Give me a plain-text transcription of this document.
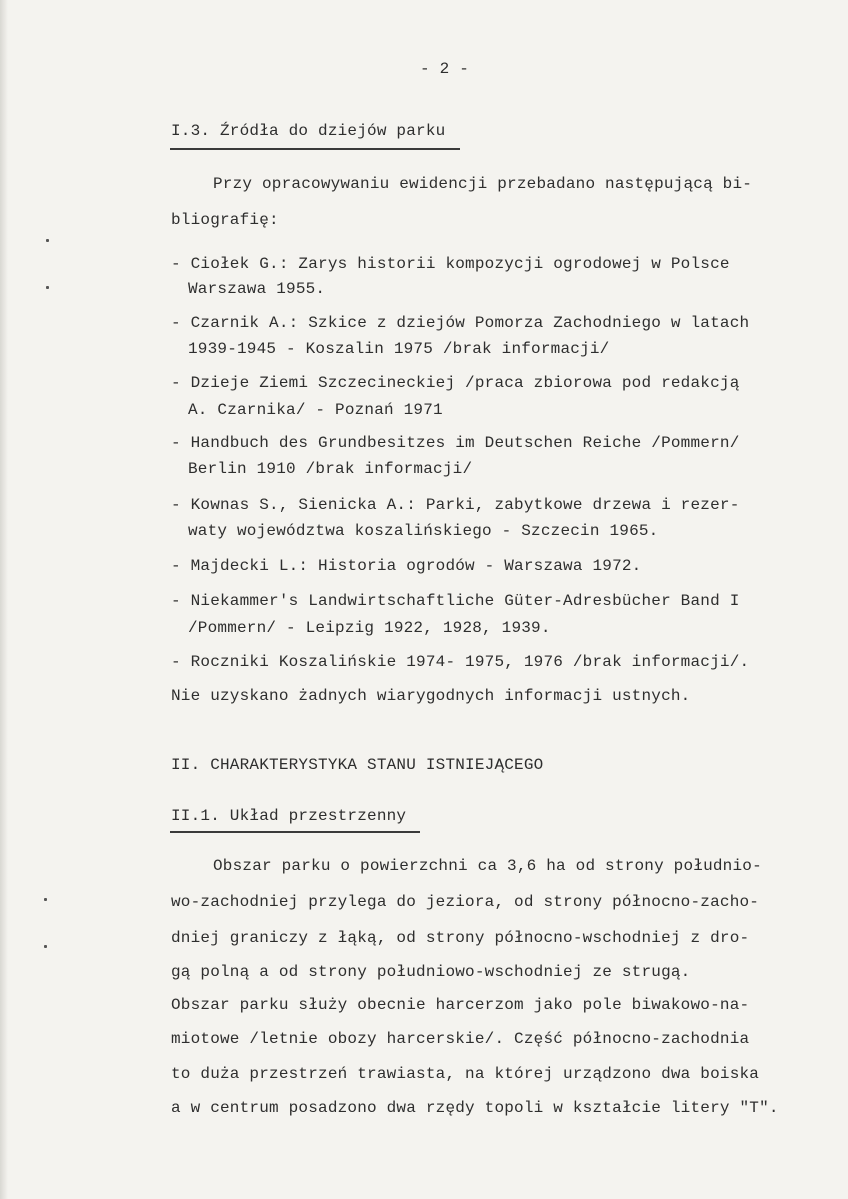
- 2 -
I.3. Źródła do dziejów parku
Przy opracowywaniu ewidencji przebadano następującą bi-
bliografię:
- Ciołek G.: Zarys historii kompozycji ogrodowej w Polsce
Warszawa 1955.
- Czarnik A.: Szkice z dziejów Pomorza Zachodniego w latach
1939-1945 - Koszalin 1975 /brak informacji/
- Dzieje Ziemi Szczecineckiej /praca zbiorowa pod redakcją
A. Czarnika/ - Poznań 1971
- Handbuch des Grundbesitzes im Deutschen Reiche /Pommern/
Berlin 1910 /brak informacji/
- Kownas S., Sienicka A.: Parki, zabytkowe drzewa i rezer-
waty województwa koszalińskiego - Szczecin 1965.
- Majdecki L.: Historia ogrodów - Warszawa 1972.
- Niekammer's Landwirtschaftliche Güter-Adresbücher Band I
/Pommern/ - Leipzig 1922, 1928, 1939.
- Roczniki Koszalińskie 1974- 1975, 1976 /brak informacji/.
Nie uzyskano żadnych wiarygodnych informacji ustnych.
II. CHARAKTERYSTYKA STANU ISTNIEJĄCEGO
II.1. Układ przestrzenny
Obszar parku o powierzchni ca 3,6 ha od strony południo-
wo-zachodniej przylega do jeziora, od strony północno-zacho-
dniej graniczy z łąką, od strony północno-wschodniej z dro-
gą polną a od strony południowo-wschodniej ze strugą.
Obszar parku służy obecnie harcerzom jako pole biwakowo-na-
miotowe /letnie obozy harcerskie/. Część północno-zachodnia
to duża przestrzeń trawiasta, na której urządzono dwa boiska
a w centrum posadzono dwa rzędy topoli w kształcie litery "T".
